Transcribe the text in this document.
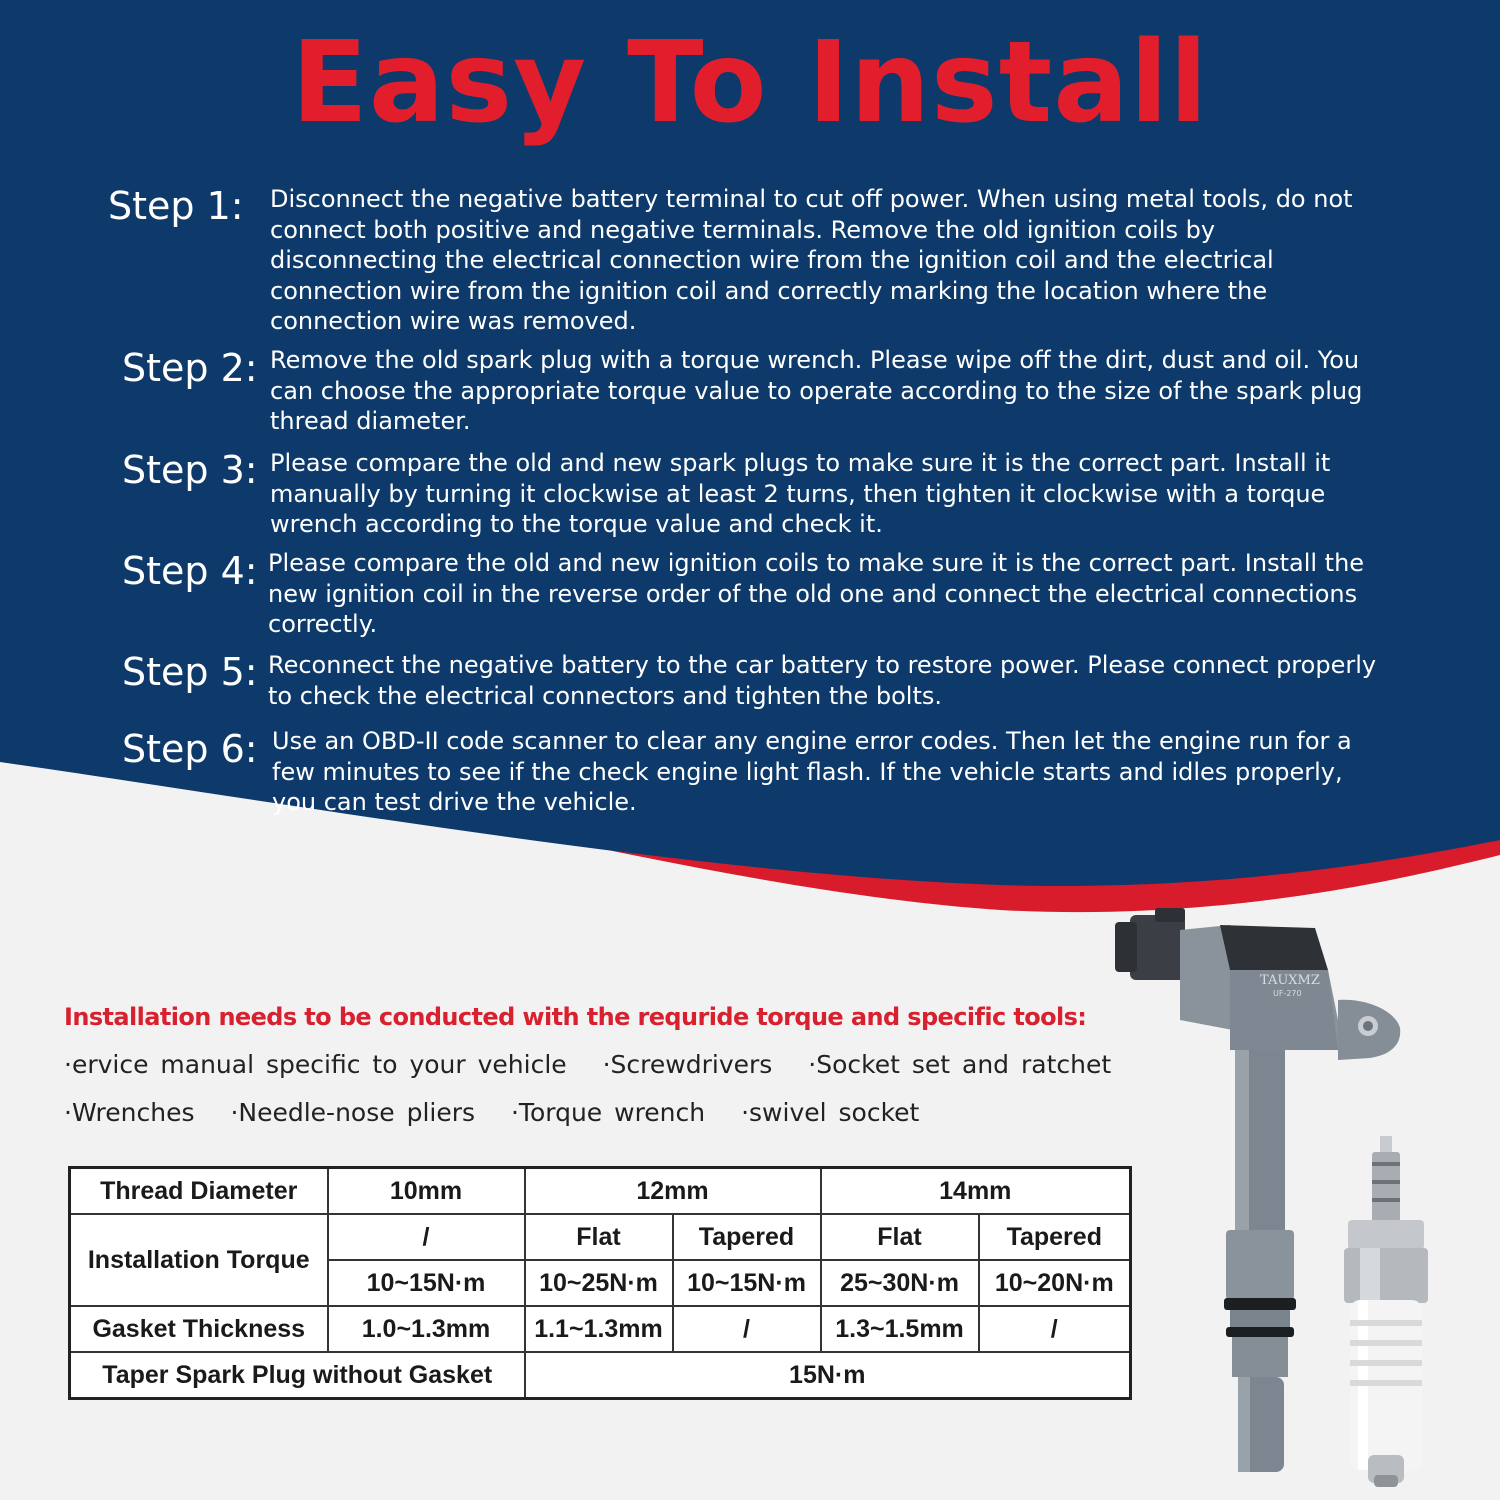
Easy To Install
Step 1: Disconnect the negative battery terminal to cut off power. When using metal tools, do not connect both positive and negative terminals. Remove the old ignition coils by disconnecting the electrical connection wire from the ignition coil and the electrical connection wire from the ignition coil and correctly marking the location where the connection wire was removed.
Step 2: Remove the old spark plug with a torque wrench. Please wipe off the dirt, dust and oil. You can choose the appropriate torque value to operate according to the size of the spark plug thread diameter.
Step 3: Please compare the old and new spark plugs to make sure it is the correct part. Install it manually by turning it clockwise at least 2 turns, then tighten it clockwise with a torque wrench according to the torque value and check it.
Step 4: Please compare the old and new ignition coils to make sure it is the correct part. Install the new ignition coil in the reverse order of the old one and connect the electrical connections correctly.
Step 5: Reconnect the negative battery to the car battery to restore power. Please connect properly to check the electrical connectors and tighten the bolts.
Step 6: Use an OBD-II code scanner to clear any engine error codes. Then let the engine run for a few minutes to see if the check engine light flash. If the vehicle starts and idles properly, you can test drive the vehicle.
Installation needs to be conducted with the requride torque and specific tools:
·ervice manual specific to your vehicle ·Screwdrivers ·Socket set and ratchet
·Wrenches ·Needle-nose pliers ·Torque wrench ·swivel socket
Thread Diameter	10mm	12mm		14mm	
Installation Torque	/	Flat	Tapered	Flat	Tapered
	10~15N·m	10~25N·m	10~15N·m	25~30N·m	10~20N·m
Gasket Thickness	1.0~1.3mm	1.1~1.3mm	/	1.3~1.5mm	/
Taper Spark Plug without Gasket		15N·m			
TAUXMZ
UF-270
